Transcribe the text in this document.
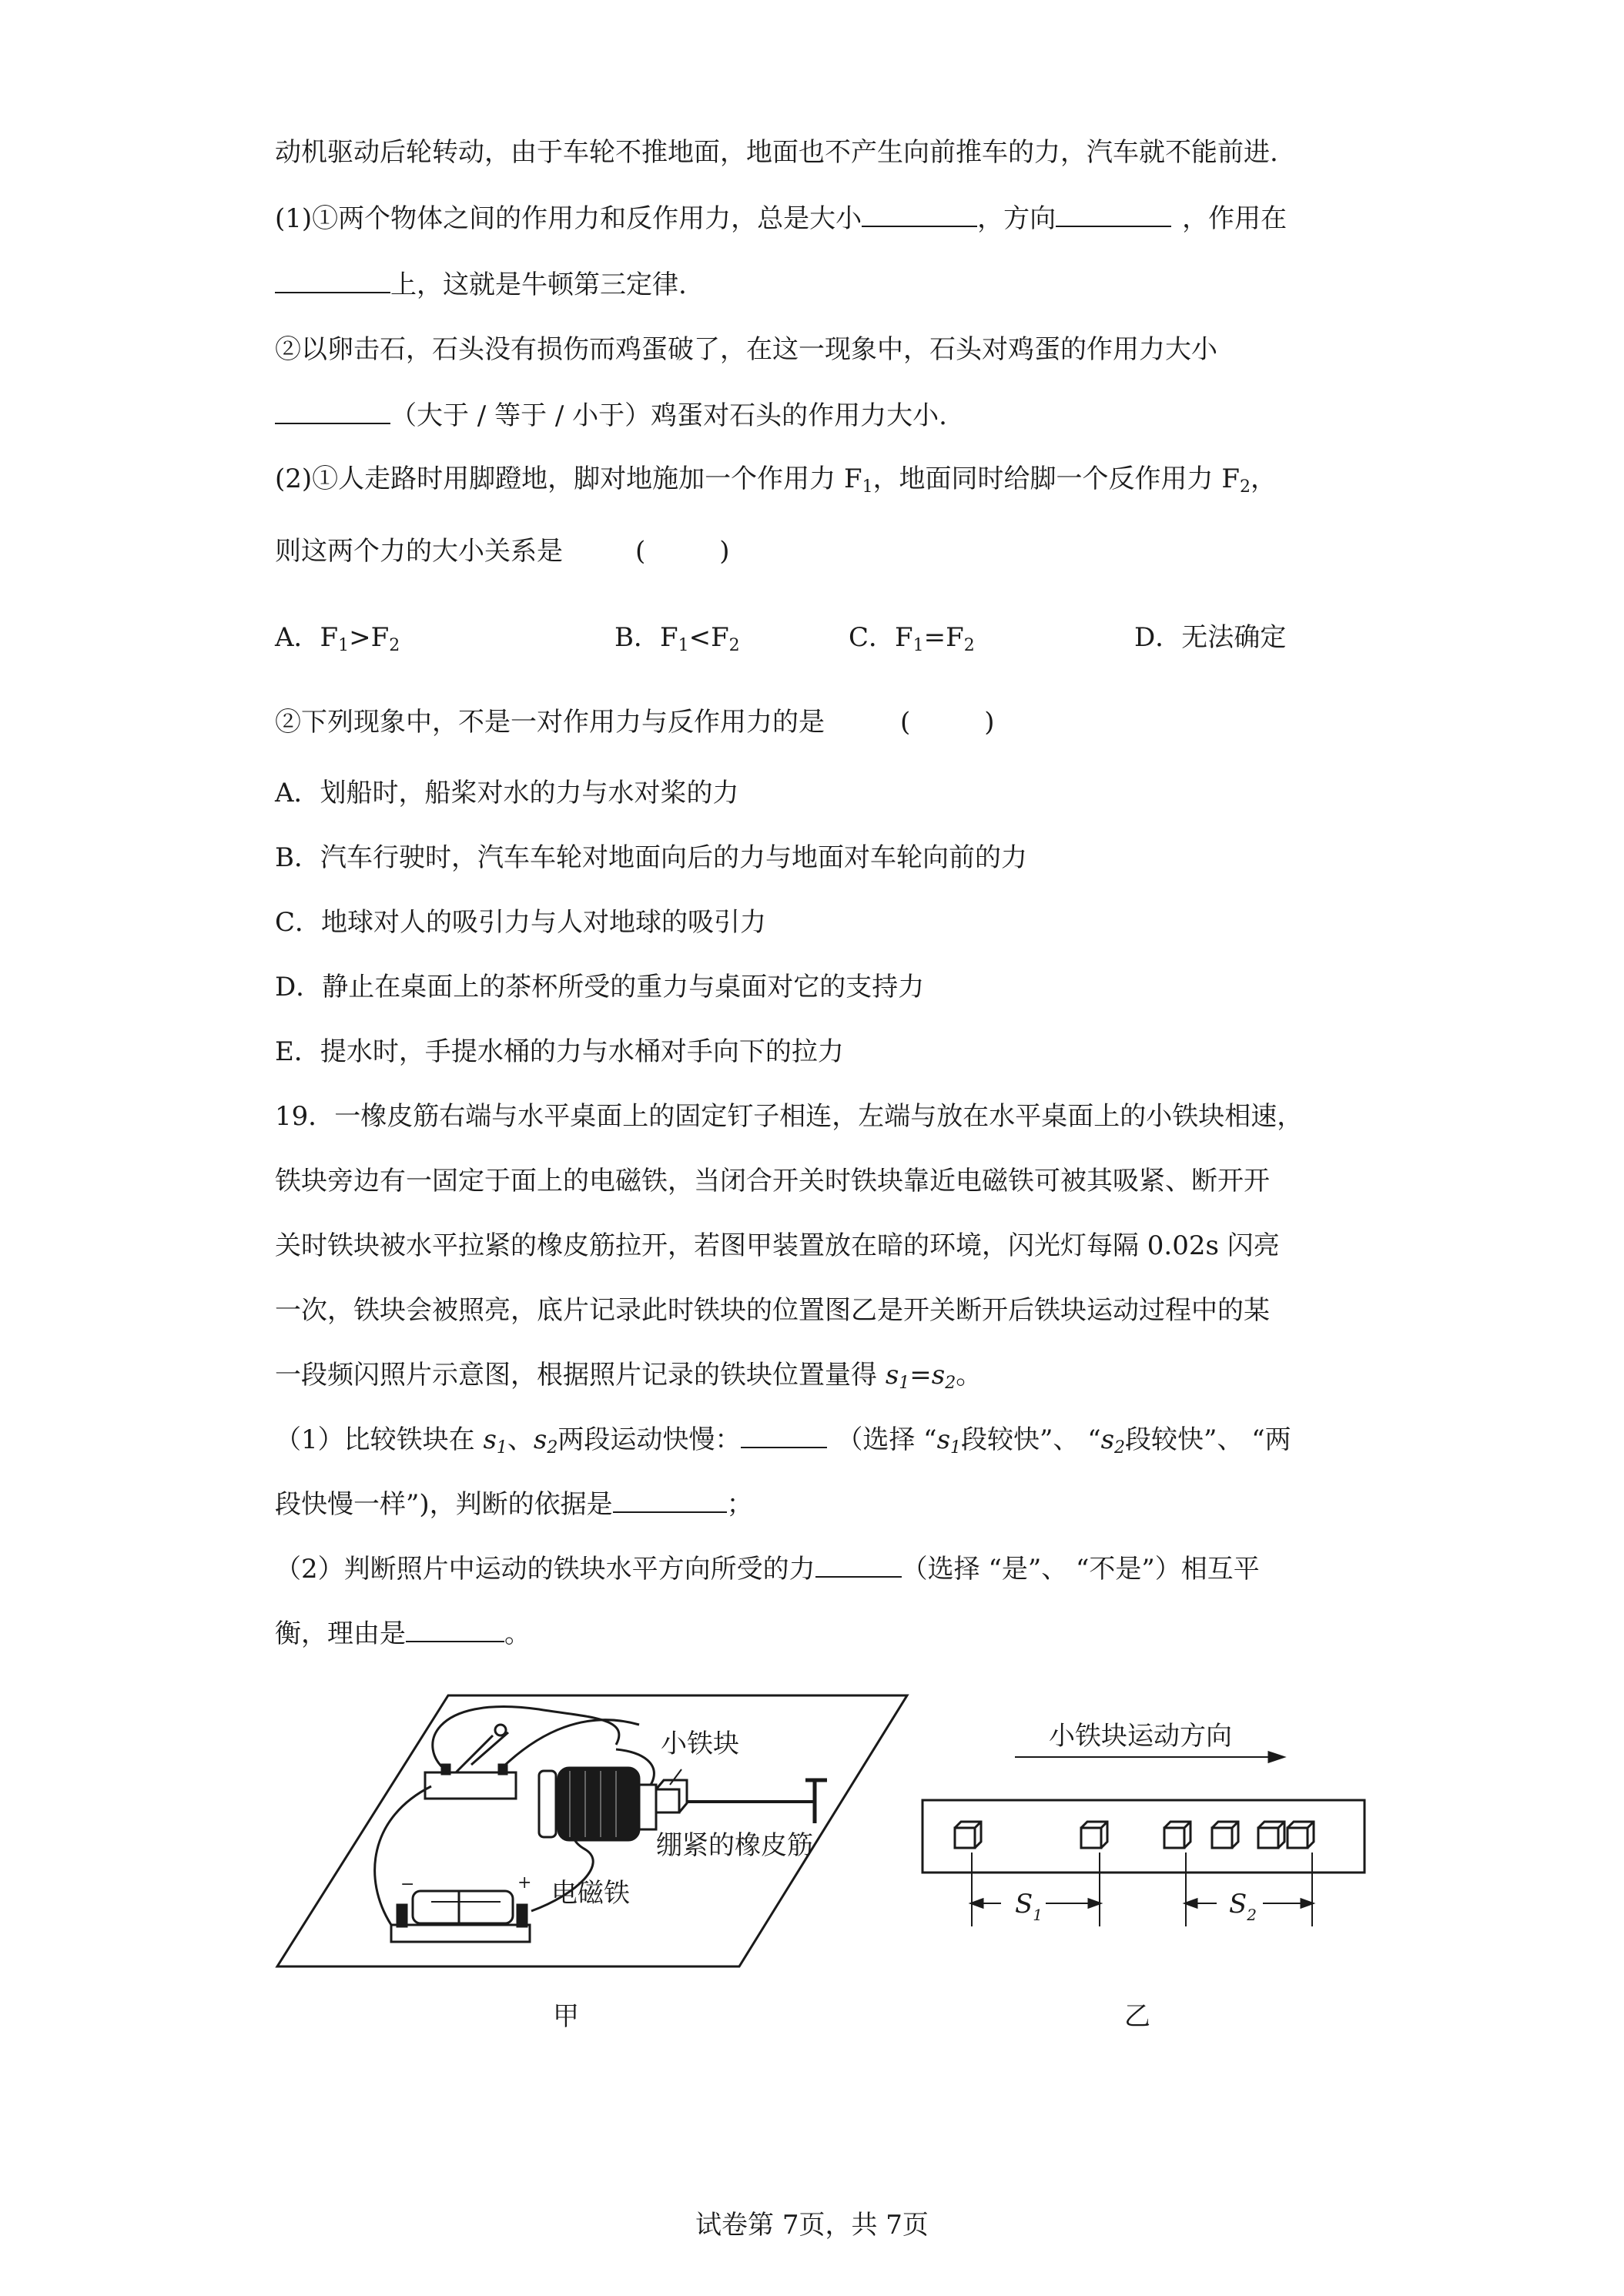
动机驱动后轮转动，由于车轮不推地面，地面也不产生向前推车的力，汽车就不能前进.
(1)①两个物体之间的作用力和反作用力，总是大小	，方向	，作用在
上，这就是牛顿第三定律.
②以卵击石，石头没有损伤而鸡蛋破了，在这一现象中，石头对鸡蛋的作用力大小
（大于 / 等于 / 小于）鸡蛋对石头的作用力大小.
(2)①人走路时用脚蹬地，脚对地施加一个作用力 $F_1$，地面同时给脚一个反作用力 $F_2$，
则这两个力的大小关系是	(	)
A．$F_1>F_2$	B．$F_1<F_2$	C．$F_1=F_2$	D．无法确定
②下列现象中，不是一对作用力与反作用力的是	(	)
A．划船时，船桨对水的力与水对桨的力
B．汽车行驶时，汽车车轮对地面向后的力与地面对车轮向前的力
C．地球对人的吸引力与人对地球的吸引力
D．静止在桌面上的茶杯所受的重力与桌面对它的支持力
E．提水时，手提水桶的力与水桶对手向下的拉力
19．一橡皮筋右端与水平桌面上的固定钉子相连，左端与放在水平桌面上的小铁块相速，
铁块旁边有一固定于面上的电磁铁，当闭合开关时铁块靠近电磁铁可被其吸紧、断开开
关时铁块被水平拉紧的橡皮筋拉开，若图甲装置放在暗的环境，闪光灯每隔 0.02s 闪亮
一次，铁块会被照亮，底片记录此时铁块的位置图乙是开关断开后铁块运动过程中的某
一段频闪照片示意图，根据照片记录的铁块位置量得 $s_1=s_2$。
（1）比较铁块在 $s_1$、$s_2$两段运动快慢：	（选择 “$s_1$段较快”、 “$s_2$段较快”、 “两
段快慢一样”)，判断的依据是	；
（2）判断照片中运动的铁块水平方向所受的力	（选择 “是”、 “不是”）相互平
衡，理由是	。
小铁块
绷紧的橡皮筋
电磁铁
−	+
小铁块运动方向
$S_1$	$S_2$
甲	乙
试卷第 7页，共 7页
